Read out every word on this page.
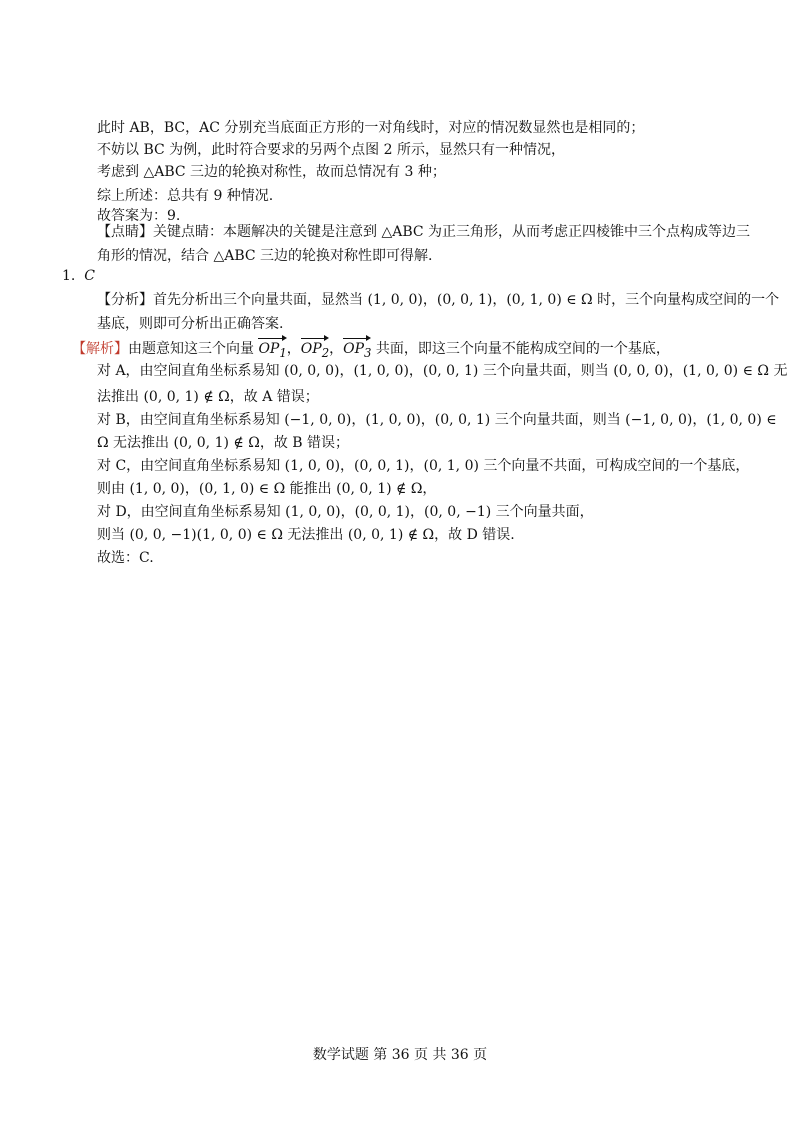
此时 AB，BC，AC 分别充当底面正方形的一对角线时，对应的情况数显然也是相同的；
不妨以 BC 为例，此时符合要求的另两个点图 2 所示，显然只有一种情况，
考虑到 △ABC 三边的轮换对称性，故而总情况有 3 种；
综上所述：总共有 9 种情况.
故答案为：9.
【点睛】关键点睛：本题解决的关键是注意到 △ABC 为正三角形，从而考虑正四棱锥中三个点构成等边三
角形的情况，结合 △ABC 三边的轮换对称性即可得解.
1. C
【分析】首先分析出三个向量共面，显然当 (1, 0, 0)，(0, 0, 1)，(0, 1, 0) ∈ Ω 时，三个向量构成空间的一个
基底，则即可分析出正确答案.
【解析】由题意知这三个向量 $OP_1$，$OP_2$，$OP_3$ 共面，即这三个向量不能构成空间的一个基底，
对 A，由空间直角坐标系易知 (0, 0, 0)，(1, 0, 0)，(0, 0, 1) 三个向量共面，则当 (0, 0, 0)，(1, 0, 0) ∈ Ω 无
法推出 (0, 0, 1) ∉ Ω，故 A 错误；
对 B，由空间直角坐标系易知 (−1, 0, 0)，(1, 0, 0)，(0, 0, 1) 三个向量共面，则当 (−1, 0, 0)，(1, 0, 0) ∈
Ω 无法推出 (0, 0, 1) ∉ Ω，故 B 错误；
对 C，由空间直角坐标系易知 (1, 0, 0)，(0, 0, 1)，(0, 1, 0) 三个向量不共面，可构成空间的一个基底，
则由 (1, 0, 0)，(0, 1, 0) ∈ Ω 能推出 (0, 0, 1) ∉ Ω，
对 D，由空间直角坐标系易知 (1, 0, 0)，(0, 0, 1)，(0, 0, −1) 三个向量共面，
则当 (0, 0, −1)(1, 0, 0) ∈ Ω 无法推出 (0, 0, 1) ∉ Ω，故 D 错误.
故选：C.
数学试题 第 36 页 共 36 页
